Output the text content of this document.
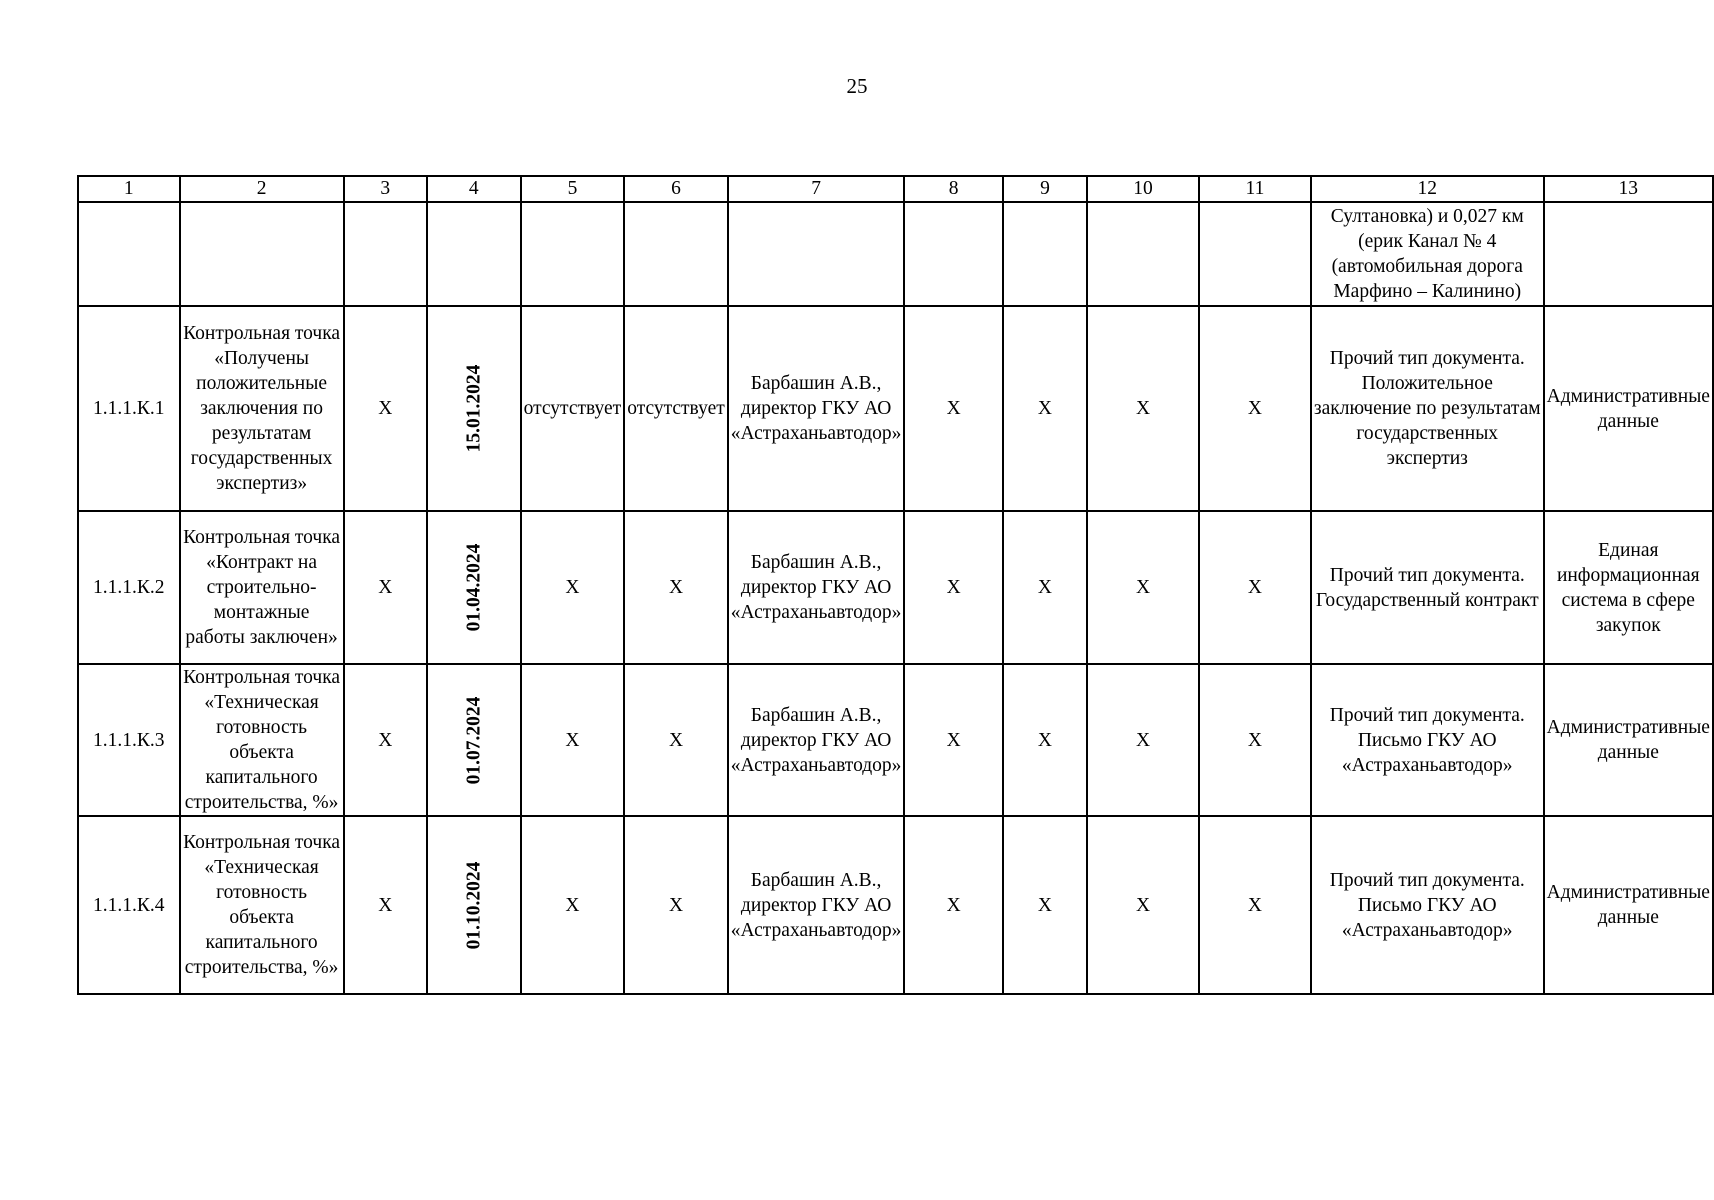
25
1	2	3	4	5	6	7	8	9	10	11	12	13
											Султановка) и 0,027 км (ерик Канал № 4 (автомобильная дорога Марфино – Калинино)	
1.1.1.К.1	Контрольная точка «Получены положительные заключения по результатам государственных экспертиз»	X	15.01.2024	отсутствует	отсутствует	Барбашин А.В., директор ГКУ АО «Астраханьавтодор»	X	X	X	X	Прочий тип документа. Положительное заключение по результатам государственных экспертиз	Административные данные
1.1.1.К.2	Контрольная точка «Контракт на строительно-монтажные работы заключен»	X	01.04.2024	X	X	Барбашин А.В., директор ГКУ АО «Астраханьавтодор»	X	X	X	X	Прочий тип документа. Государственный контракт	Единая информационная система в сфере закупок
1.1.1.К.3	Контрольная точка «Техническая готовность объекта капитального строительства, %»	X	01.07.2024	X	X	Барбашин А.В., директор ГКУ АО «Астраханьавтодор»	X	X	X	X	Прочий тип документа. Письмо ГКУ АО «Астраханьавтодор»	Административные данные
1.1.1.К.4	Контрольная точка «Техническая готовность объекта капитального строительства, %»	X	01.10.2024	X	X	Барбашин А.В., директор ГКУ АО «Астраханьавтодор»	X	X	X	X	Прочий тип документа. Письмо ГКУ АО «Астраханьавтодор»	Административные данные
